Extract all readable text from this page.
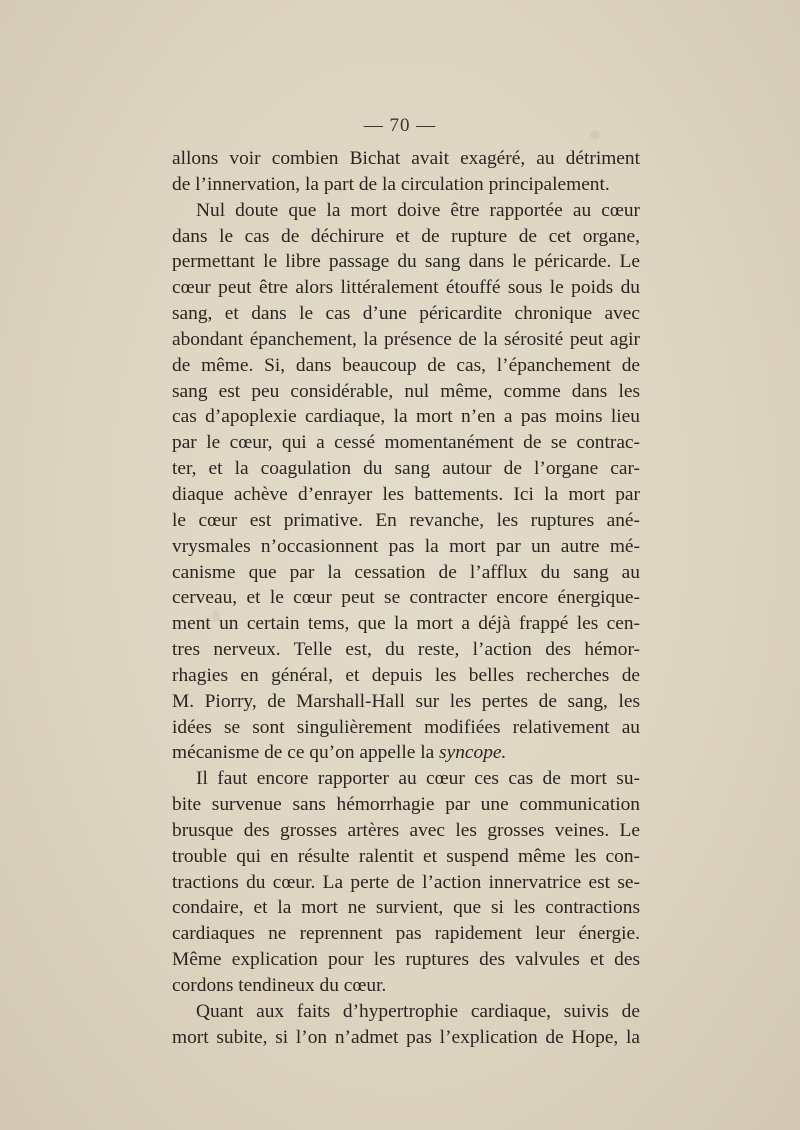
— 70 —
allons voir combien Bichat avait exagéré, au détriment
de l’innervation, la part de la circulation principalement.
Nul doute que la mort doive être rapportée au cœur
dans le cas de déchirure et de rupture de cet organe,
permettant le libre passage du sang dans le péricarde. Le
cœur peut être alors littéralement étouffé sous le poids du
sang, et dans le cas d’une péricardite chronique avec
abondant épanchement, la présence de la sérosité peut agir
de même. Si, dans beaucoup de cas, l’épanchement de
sang est peu considérable, nul même, comme dans les
cas d’apoplexie cardiaque, la mort n’en a pas moins lieu
par le cœur, qui a cessé momentanément de se contrac-
ter, et la coagulation du sang autour de l’organe car-
diaque achève d’enrayer les battements. Ici la mort par
le cœur est primative. En revanche, les ruptures ané-
vrysmales n’occasionnent pas la mort par un autre mé-
canisme que par la cessation de l’afflux du sang au
cerveau, et le cœur peut se contracter encore énergique-
ment un certain tems, que la mort a déjà frappé les cen-
tres nerveux. Telle est, du reste, l’action des hémor-
rhagies en général, et depuis les belles recherches de
M. Piorry, de Marshall-Hall sur les pertes de sang, les
idées se sont singulièrement modifiées relativement au
mécanisme de ce qu’on appelle la syncope.
Il faut encore rapporter au cœur ces cas de mort su-
bite survenue sans hémorrhagie par une communication
brusque des grosses artères avec les grosses veines. Le
trouble qui en résulte ralentit et suspend même les con-
tractions du cœur. La perte de l’action innervatrice est se-
condaire, et la mort ne survient, que si les contractions
cardiaques ne reprennent pas rapidement leur énergie.
Même explication pour les ruptures des valvules et des
cordons tendineux du cœur.
Quant aux faits d’hypertrophie cardiaque, suivis de
mort subite, si l’on n’admet pas l’explication de Hope, la
